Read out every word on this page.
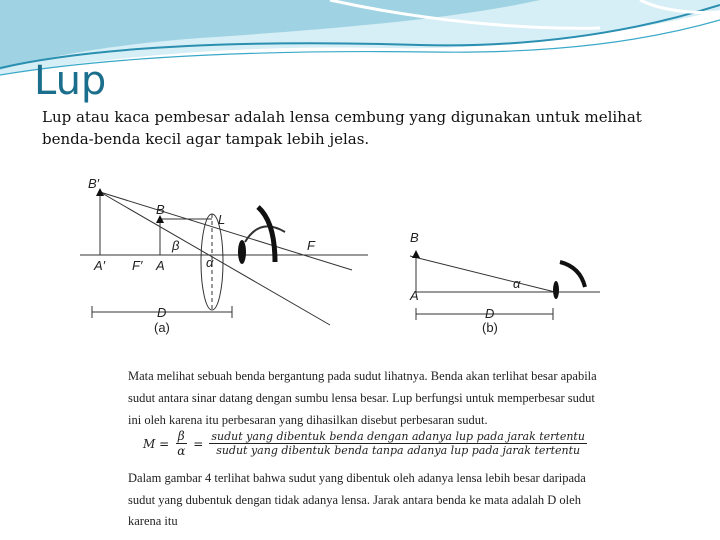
Lup
Lup atau kaca pembesar adalah lensa cembung yang digunakan untuk melihat benda-benda kecil agar tampak lebih jelas.
B′
B
L
β
α
A′ F′ A
F
D
(a)
B
A
α
D
(b)

Mata melihat sebuah benda bergantung pada sudut lihatnya. Benda akan terlihat besar apabila

sudut antara sinar datang dengan sumbu lensa besar. Lup berfungsi untuk memperbesar sudut

ini oleh karena itu perbesaran yang dihasilkan disebut perbesaran sudut.

M
= $\frac{\beta}{\alpha}$ = sudut yang dibentuk benda dengan adanya lup pada jarak tertentu
sudut yang dibentuk benda tanpa adanya lup pada jarak tertentu

Dalam gambar 4 terlihat bahwa sudut yang dibentuk oleh adanya lensa lebih besar daripada

sudut yang dubentuk dengan tidak adanya lensa. Jarak antara benda ke mata adalah D oleh

karena itu
